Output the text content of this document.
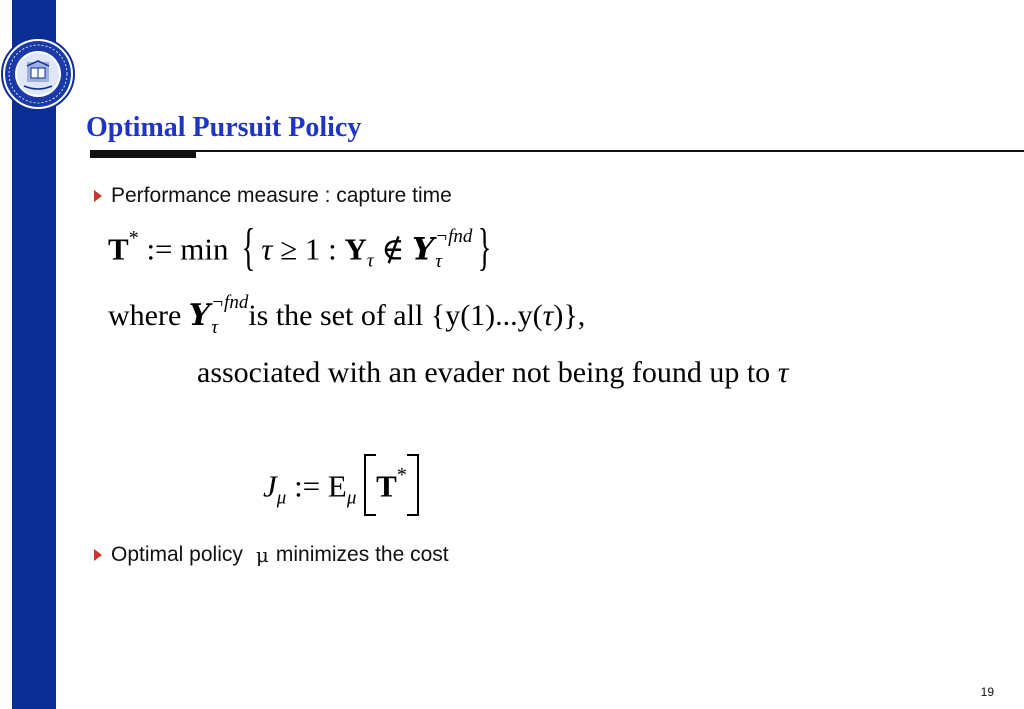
Optimal Pursuit Policy
Performance measure : capture time
T* := min { τ ≥ 1 : $Y_\tau$ ∉ Y ¬fnd
τ }
where Y ¬fnd
τ	is the set of all {y(1)...y(τ)},
associated with an evader not being found up to τ
$J_\mu$ := $E_\mu$ T*
Optimal policy μ minimizes the cost
19
